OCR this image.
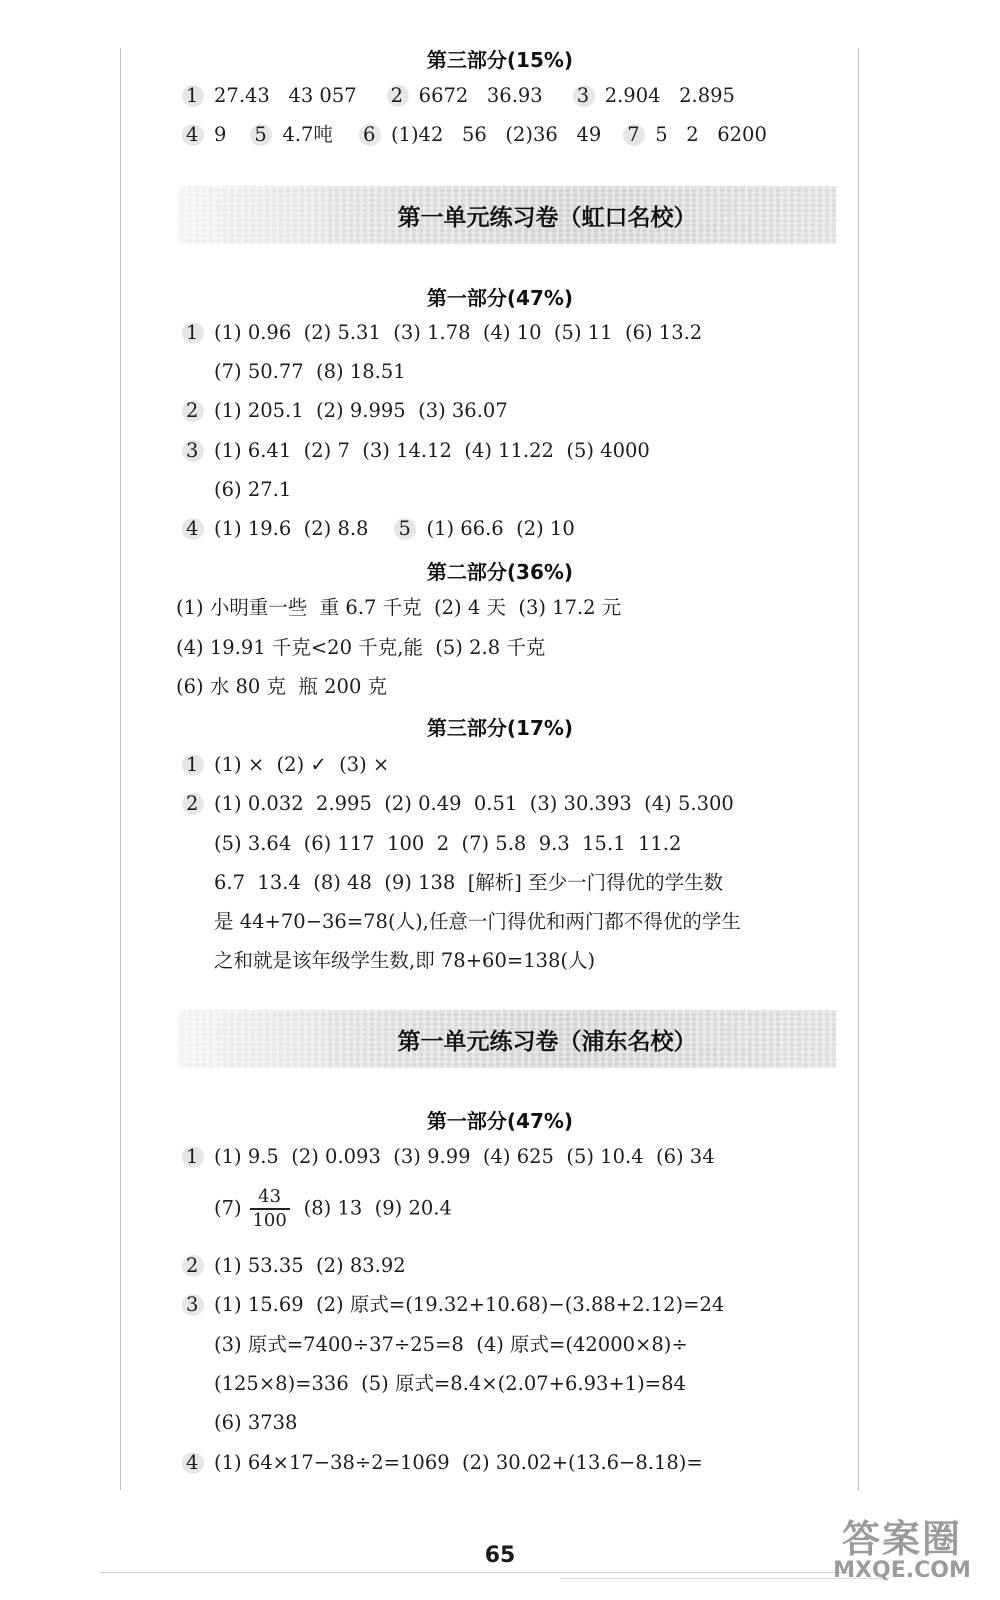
第三部分(15%)
1 27.43   43 057 2 6672   36.93 3 2.904   2.895
4 9 5 4.7吨 6 (1)42   56   (2)36   49 7 5   2   6200
第一单元练习卷（虹口名校）
第一部分(47%)
1 (1) 0.96  (2) 5.31  (3) 1.78  (4) 10  (5) 11  (6) 13.2
(7) 50.77  (8) 18.51
2 (1) 205.1  (2) 9.995  (3) 36.07
3 (1) 6.41  (2) 7  (3) 14.12  (4) 11.22  (5) 4000
(6) 27.1
4 (1) 19.6  (2) 8.8 5 (1) 66.6  (2) 10
第二部分(36%)
(1) 小明重一些  重 6.7 千克  (2) 4 天  (3) 17.2 元
(4) 19.91 千克<20 千克,能  (5) 2.8 千克
(6) 水 80 克  瓶 200 克
第三部分(17%)
1 (1) ×  (2) ✓  (3) ×
2 (1) 0.032  2.995  (2) 0.49  0.51  (3) 30.393  (4) 5.300
(5) 3.64  (6) 117  100  2  (7) 5.8  9.3  15.1  11.2
6.7  13.4  (8) 48  (9) 138  [解析] 至少一门得优的学生数
是 44+70−36=78(人),任意一门得优和两门都不得优的学生
之和就是该年级学生数,即 78+60=138(人)
第一单元练习卷（浦东名校）
第一部分(47%)
1 (1) 9.5  (2) 0.093  (3) 9.99  (4) 625  (5) 10.4  (6) 34
$(7) \frac{43}{100} (8)$ 13  (9) 20.4
2 (1) 53.35  (2) 83.92
3 (1) 15.69  (2) 原式=(19.32+10.68)−(3.88+2.12)=24
(3) 原式=7400÷37÷25=8  (4) 原式=(42000×8)÷
(125×8)=336  (5) 原式=8.4×(2.07+6.93+1)=84
(6) 3738
4 (1) 64×17−38÷2=1069  (2) 30.02+(13.6−8.18)=
65	答案圈
MXQE.COM
